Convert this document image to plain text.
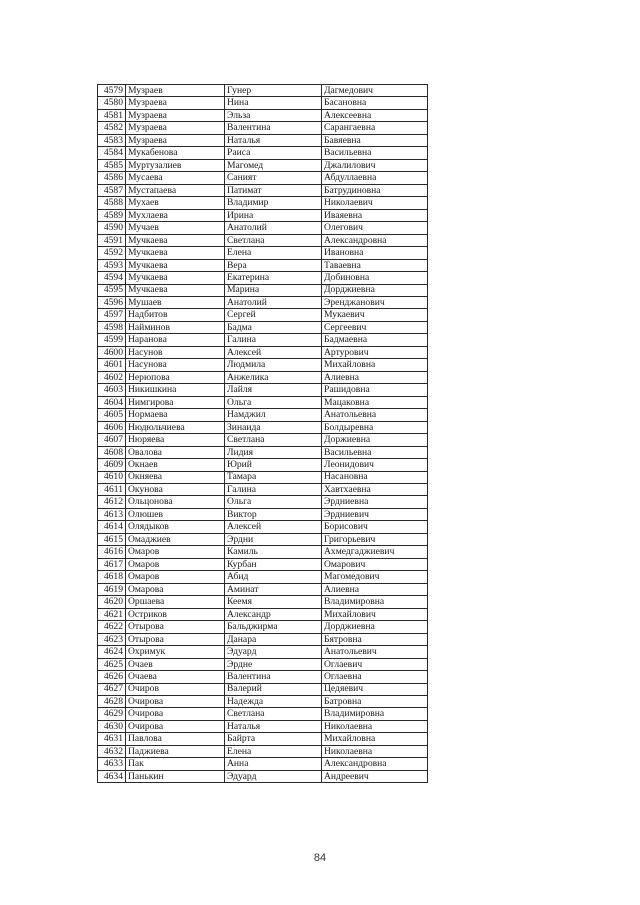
4579	Музраев	Гунер	Дагмедович
4580	Музраева	Нина	Басановна
4581	Музраева	Эльза	Алексеевна
4582	Музраева	Валентина	Сарангаевна
4583	Музраева	Наталья	Бавяевна
4584	Мукабенова	Раиса	Васильевна
4585	Муртузалиев	Магомед	Джалилович
4586	Мусаева	Саният	Абдуллаевна
4587	Мустапаева	Патимат	Батрудиновна
4588	Мухаев	Владимир	Николаевич
4589	Мухлаева	Ирина	Иваяевна
4590	Мучаев	Анатолий	Олегович
4591	Мучкаева	Светлана	Александровна
4592	Мучкаева	Елена	Ивановна
4593	Мучкаева	Вера	Тавaевна
4594	Мучкаева	Екатерина	Добиновна
4595	Мучкаева	Марина	Дорджиевна
4596	Мушаев	Анатолий	Эренджанович
4597	Надбитов	Сергей	Мукаевич
4598	Найминов	Бадма	Сергеевич
4599	Наранова	Галина	Бадмаевна
4600	Насунов	Алексей	Артурович
4601	Насунова	Людмила	Михайловна
4602	Нерюпова	Анжелика	Алиевна
4603	Никишкина	Лайля	Рашидовна
4604	Нимгирова	Ольга	Мацаковна
4605	Нормаева	Намджил	Анатольевна
4606	Нюдюльчиева	Зинаида	Болдыревна
4607	Нюряева	Светлана	Доржиевна
4608	Овалова	Лидия	Васильевна
4609	Окнаев	Юрий	Леонидович
4610	Окняева	Тамара	Насановна
4611	Окунова	Галина	Хавтхаевна
4612	Ольцонова	Ольга	Эрдниевна
4613	Олюшев	Виктор	Эрдниевич
4614	Олядыков	Алексей	Борисович
4615	Омаджиев	Эрдни	Григорьевич
4616	Омаров	Камиль	Ахмедгаджиевич
4617	Омаров	Курбан	Омарович
4618	Омаров	Абид	Магомедович
4619	Омарова	Аминат	Алиевна
4620	Оршаева	Кеемя	Владимировна
4621	Остриков	Александр	Михайлович
4622	Отырова	Бальджирма	Дорджиевна
4623	Отырова	Данара	Бятровна
4624	Охримук	Эдуард	Анатольевич
4625	Очаев	Эрдне	Оглаевич
4626	Очаева	Валентина	Оглаевна
4627	Очиров	Валерий	Цедяевич
4628	Очирова	Надежда	Батровна
4629	Очирова	Светлана	Владимировна
4630	Очирова	Наталья	Николаевна
4631	Павлова	Байрта	Михайловна
4632	Паджиева	Елена	Николаевна
4633	Пак	Анна	Александровна
4634	Панькин	Эдуард	Андреевич
84
